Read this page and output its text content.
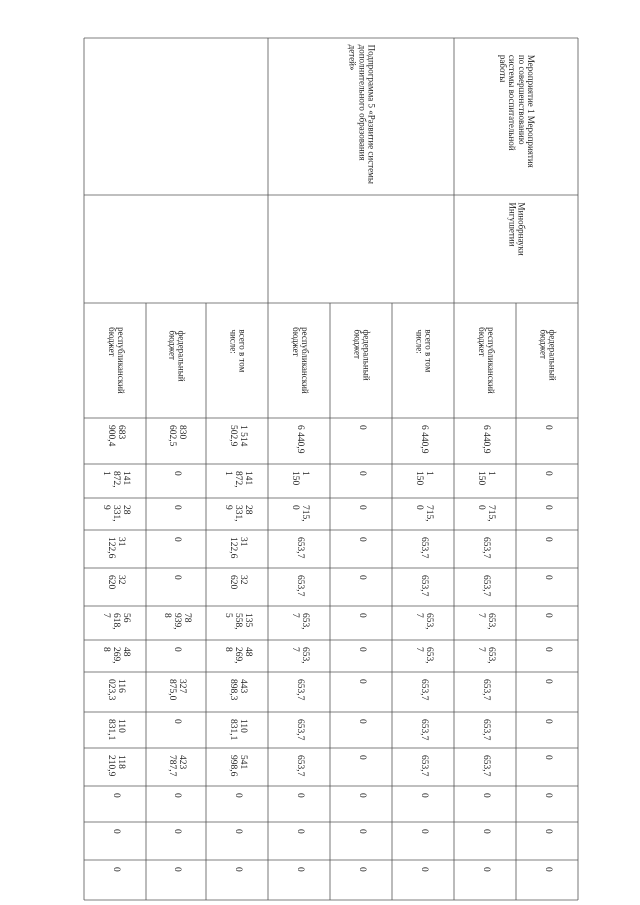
Мероприятие 1 Мероприятия по совершенствованию системы воспитательной работы
Подпрограмма 5 «Развитие системы дополнительного образования детей»
Минобрнауки Ингушетии
федеральный бюджет
0
0
0
0
0
0
0
0
0
0
0
0
0
республиканский бюджет
6 440,9
1 150
715, 0
653,7
653,7
653, 7
653, 7
653,7
653,7
653,7
0
0
0
всего в том числе:
6 440,9
1 150
715, 0
653,7
653,7
653, 7
653, 7
653,7
653,7
653,7
0
0
0
федеральный бюджет
0
0
0
0
0
0
0
0
0
0
0
0
0
республиканский бюджет
6 440,9
1 150
715, 0
653,7
653,7
653, 7
653, 7
653,7
653,7
653,7
0
0
0
всего в том числе:
1 514 502,9
141 872, 1
28 331, 9
31 122,6
32 620
135 558, 5
48 269, 8
443 898,3
110 831,1
541 998,6
0
0
0
федеральный бюджет
830 602,5
0
0
0
0
78 939, 8
0
327 875,0
0
423 787,7
0
0
0
республиканский бюджет
683 900,4
141 872, 1
28 331, 9
31 122,6
32 620
56 618, 7
48 269, 8
116 023,3
110 831,1
118 210,9
0
0
0
